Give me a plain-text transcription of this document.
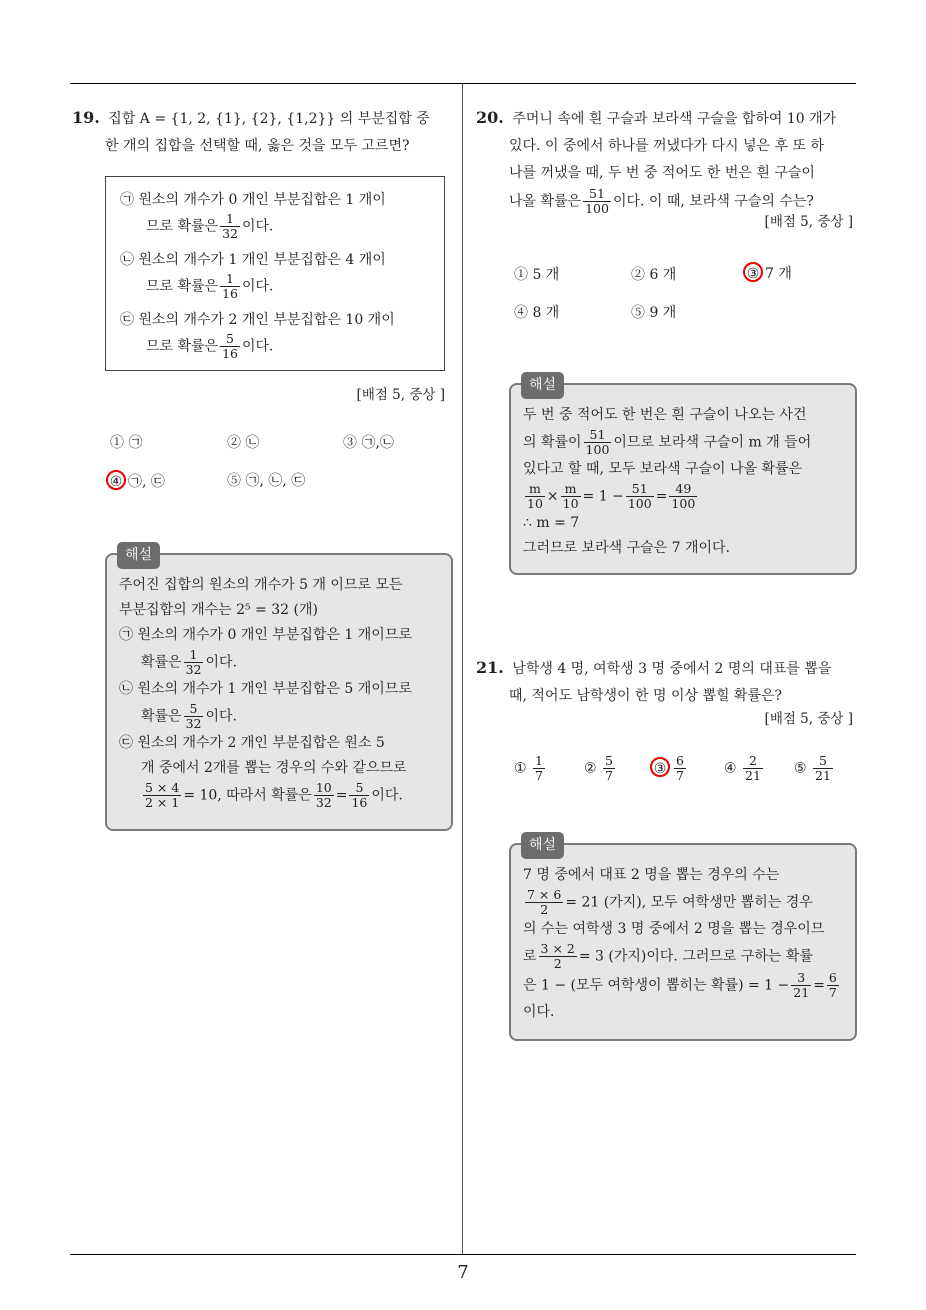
7
19. 집합 A = {1, 2, {1}, {2}, {1,2}} 의 부분집합 중
한 개의 집합을 선택할 때, 옳은 것을 모두 고르면?
㉠ 원소의 개수가 0 개인 부분집합은 1 개이
므로 확률은 $\frac{1}{32}$ 이다.
㉡ 원소의 개수가 1 개인 부분집합은 4 개이
므로 확률은 $\frac{1}{16}$ 이다.
㉢ 원소의 개수가 2 개인 부분집합은 10 개이
므로 확률은 $\frac{5}{16}$ 이다.
[배점 5, 중상 ]
① ㉠	② ㉡	③ ㉠,㉡
④ ㉠, ㉢	⑤ ㉠, ㉡, ㉢
해설
주어진 집합의 원소의 개수가 5 개 이므로 모든
부분집합의 개수는 2⁵ = 32 (개)
㉠ 원소의 개수가 0 개인 부분집합은 1 개이므로
확률은 $\frac{1}{32}$ 이다.
㉡ 원소의 개수가 1 개인 부분집합은 5 개이므로
확률은 $\frac{5}{32}$ 이다.
㉢ 원소의 개수가 2 개인 부분집합은 원소 5
개 중에서 2개를 뽑는 경우의 수와 같으므로
$\frac{5 \times 4}{2 \times 1} = 10$, 따라서 확률은 $\frac{10}{32} = \frac{5}{16}$ 이다.
20. 주머니 속에 흰 구슬과 보라색 구슬을 합하여 10 개가
있다. 이 중에서 하나를 꺼냈다가 다시 넣은 후 또 하
나를 꺼냈을 때, 두 번 중 적어도 한 번은 흰 구슬이
나올 확률은 $\frac{51}{100}$ 이다. 이 때, 보라색 구슬의 수는?
[배점 5, 중상 ]
① 5 개	② 6 개	③ 7 개
④ 8 개	⑤ 9 개
해설
두 번 중 적어도 한 번은 흰 구슬이 나오는 사건
의 확률이 $\frac{51}{100}$ 이므로 보라색 구슬이 m 개 들어
있다고 할 때, 모두 보라색 구슬이 나올 확률은
$\frac{m}{10} \times \frac{m}{10} = 1 - \frac{51}{100} = \frac{49}{100}$
∴ m = 7
그러므로 보라색 구슬은 7 개이다.
21. 남학생 4 명, 여학생 3 명 중에서 2 명의 대표를 뽑을
때, 적어도 남학생이 한 명 이상 뽑힐 확률은?
[배점 5, 중상 ]
① $\frac{1}{7}$	② $\frac{5}{7}$	③ $\frac{6}{7}$	④ $\frac{2}{21}$ ⑤ $\frac{5}{21}$
해설
7 명 중에서 대표 2 명을 뽑는 경우의 수는
$\frac{7 \times 6}{2} = 21$ (가지), 모두 여학생만 뽑히는 경우
의 수는 여학생 3 명 중에서 2 명을 뽑는 경우이므
로 $\frac{3 \times 2}{2} = 3$ (가지)이다. 그러므로 구하는 확률
은 1 − (모두 여학생이 뽑히는 확률) = $1 - \frac{3}{21} = \frac{6}{7}$
이다.
